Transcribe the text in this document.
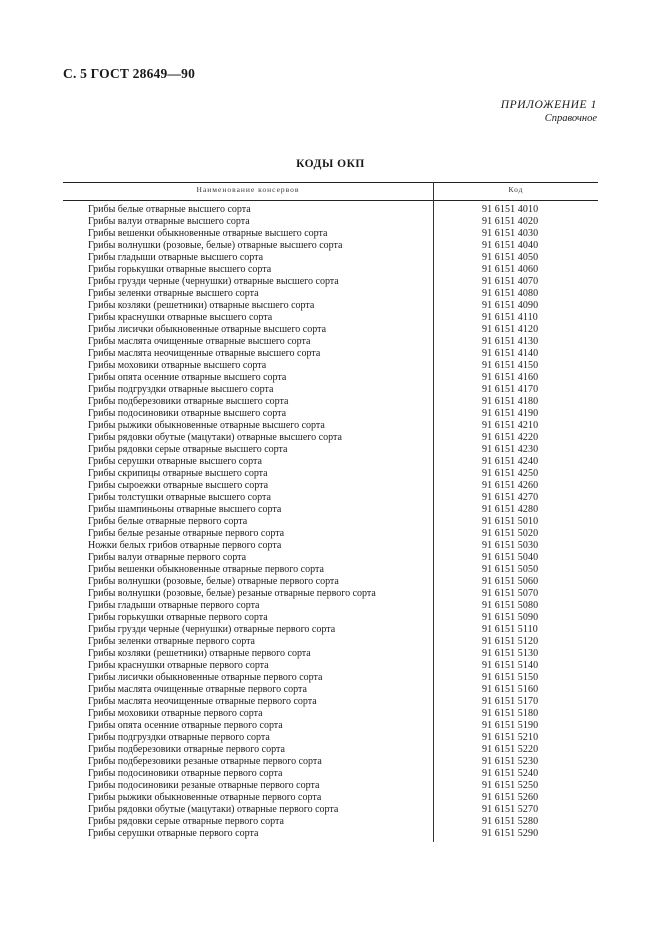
С. 5 ГОСТ 28649—90
ПРИЛОЖЕНИЕ 1
Справочное
КОДЫ ОКП
Наименование консервов	Код
Грибы белые отварные высшего сорта	91 6151 4010
Грибы валуи отварные высшего сорта	91 6151 4020
Грибы вешенки обыкновенные отварные высшего сорта	91 6151 4030
Грибы волнушки (розовые, белые) отварные высшего сорта	91 6151 4040
Грибы гладыши отварные высшего сорта	91 6151 4050
Грибы горькушки отварные высшего сорта	91 6151 4060
Грибы грузди черные (чернушки) отварные высшего сорта	91 6151 4070
Грибы зеленки отварные высшего сорта	91 6151 4080
Грибы козляки (решетники) отварные высшего сорта	91 6151 4090
Грибы краснушки отварные высшего сорта	91 6151 4110
Грибы лисички обыкновенные отварные высшего сорта	91 6151 4120
Грибы маслята очищенные отварные высшего сорта	91 6151 4130
Грибы маслята неочищенные отварные высшего сорта	91 6151 4140
Грибы моховики отварные высшего сорта	91 6151 4150
Грибы опята осенние отварные высшего сорта	91 6151 4160
Грибы подгруздки отварные высшего сорта	91 6151 4170
Грибы подберезовики отварные высшего сорта	91 6151 4180
Грибы подосиновики отварные высшего сорта	91 6151 4190
Грибы рыжики обыкновенные отварные высшего сорта	91 6151 4210
Грибы рядовки обутые (мацутаки) отварные высшего сорта	91 6151 4220
Грибы рядовки серые отварные высшего сорта	91 6151 4230
Грибы серушки отварные высшего сорта	91 6151 4240
Грибы скрипицы отварные высшего сорта	91 6151 4250
Грибы сыроежки отварные высшего сорта	91 6151 4260
Грибы толстушки отварные высшего сорта	91 6151 4270
Грибы шампиньоны отварные высшего сорта	91 6151 4280
Грибы белые отварные первого сорта	91 6151 5010
Грибы белые резаные отварные первого сорта	91 6151 5020
Ножки белых грибов отварные первого сорта	91 6151 5030
Грибы валуи отварные первого сорта	91 6151 5040
Грибы вешенки обыкновенные отварные первого сорта	91 6151 5050
Грибы волнушки (розовые, белые) отварные первого сорта	91 6151 5060
Грибы волнушки (розовые, белые) резаные отварные первого сорта	91 6151 5070
Грибы гладыши отварные первого сорта	91 6151 5080
Грибы горькушки отварные первого сорта	91 6151 5090
Грибы грузди черные (чернушки) отварные первого сорта	91 6151 5110
Грибы зеленки отварные первого сорта	91 6151 5120
Грибы козляки (решетники) отварные первого сорта	91 6151 5130
Грибы краснушки отварные первого сорта	91 6151 5140
Грибы лисички обыкновенные отварные первого сорта	91 6151 5150
Грибы маслята очищенные отварные первого сорта	91 6151 5160
Грибы маслята неочищенные отварные первого сорта	91 6151 5170
Грибы моховики отварные первого сорта	91 6151 5180
Грибы опята осенние отварные первого сорта	91 6151 5190
Грибы подгруздки отварные первого сорта	91 6151 5210
Грибы подберезовики отварные первого сорта	91 6151 5220
Грибы подберезовики резаные отварные первого сорта	91 6151 5230
Грибы подосиновики отварные первого сорта	91 6151 5240
Грибы подосиновики резаные отварные первого сорта	91 6151 5250
Грибы рыжики обыкновенные отварные первого сорта	91 6151 5260
Грибы рядовки обутые (мацутаки) отварные первого сорта	91 6151 5270
Грибы рядовки серые отварные первого сорта	91 6151 5280
Грибы серушки отварные первого сорта	91 6151 5290
